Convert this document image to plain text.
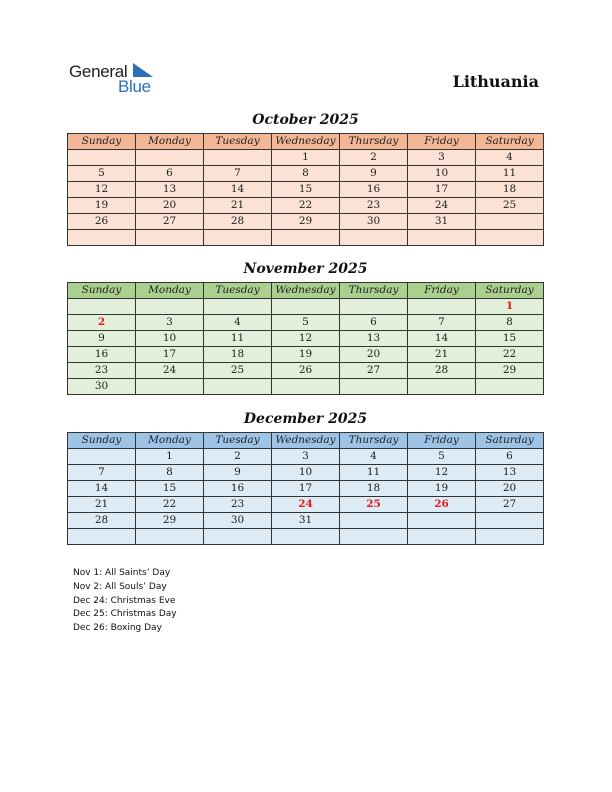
General
Blue	Lithuania
October 2025
Sunday	Monday	Tuesday	Wednesday	Thursday	Friday	Saturday
			1	2	3	4
5	6	7	8	9	10	11
12	13	14	15	16	17	18
19	20	21	22	23	24	25
26	27	28	29	30	31	

November 2025
Sunday	Monday	Tuesday	Wednesday	Thursday	Friday	Saturday
						1
2	3	4	5	6	7	8
9	10	11	12	13	14	15
16	17	18	19	20	21	22
23	24	25	26	27	28	29
30						
December 2025
Sunday	Monday	Tuesday	Wednesday	Thursday	Friday	Saturday
	1	2	3	4	5	6
7	8	9	10	11	12	13
14	15	16	17	18	19	20
21	22	23	24	25	26	27
28	29	30	31			

Nov 1: All Saints’ Day
Nov 2: All Souls’ Day
Dec 24: Christmas Eve
Dec 25: Christmas Day
Dec 26: Boxing Day
